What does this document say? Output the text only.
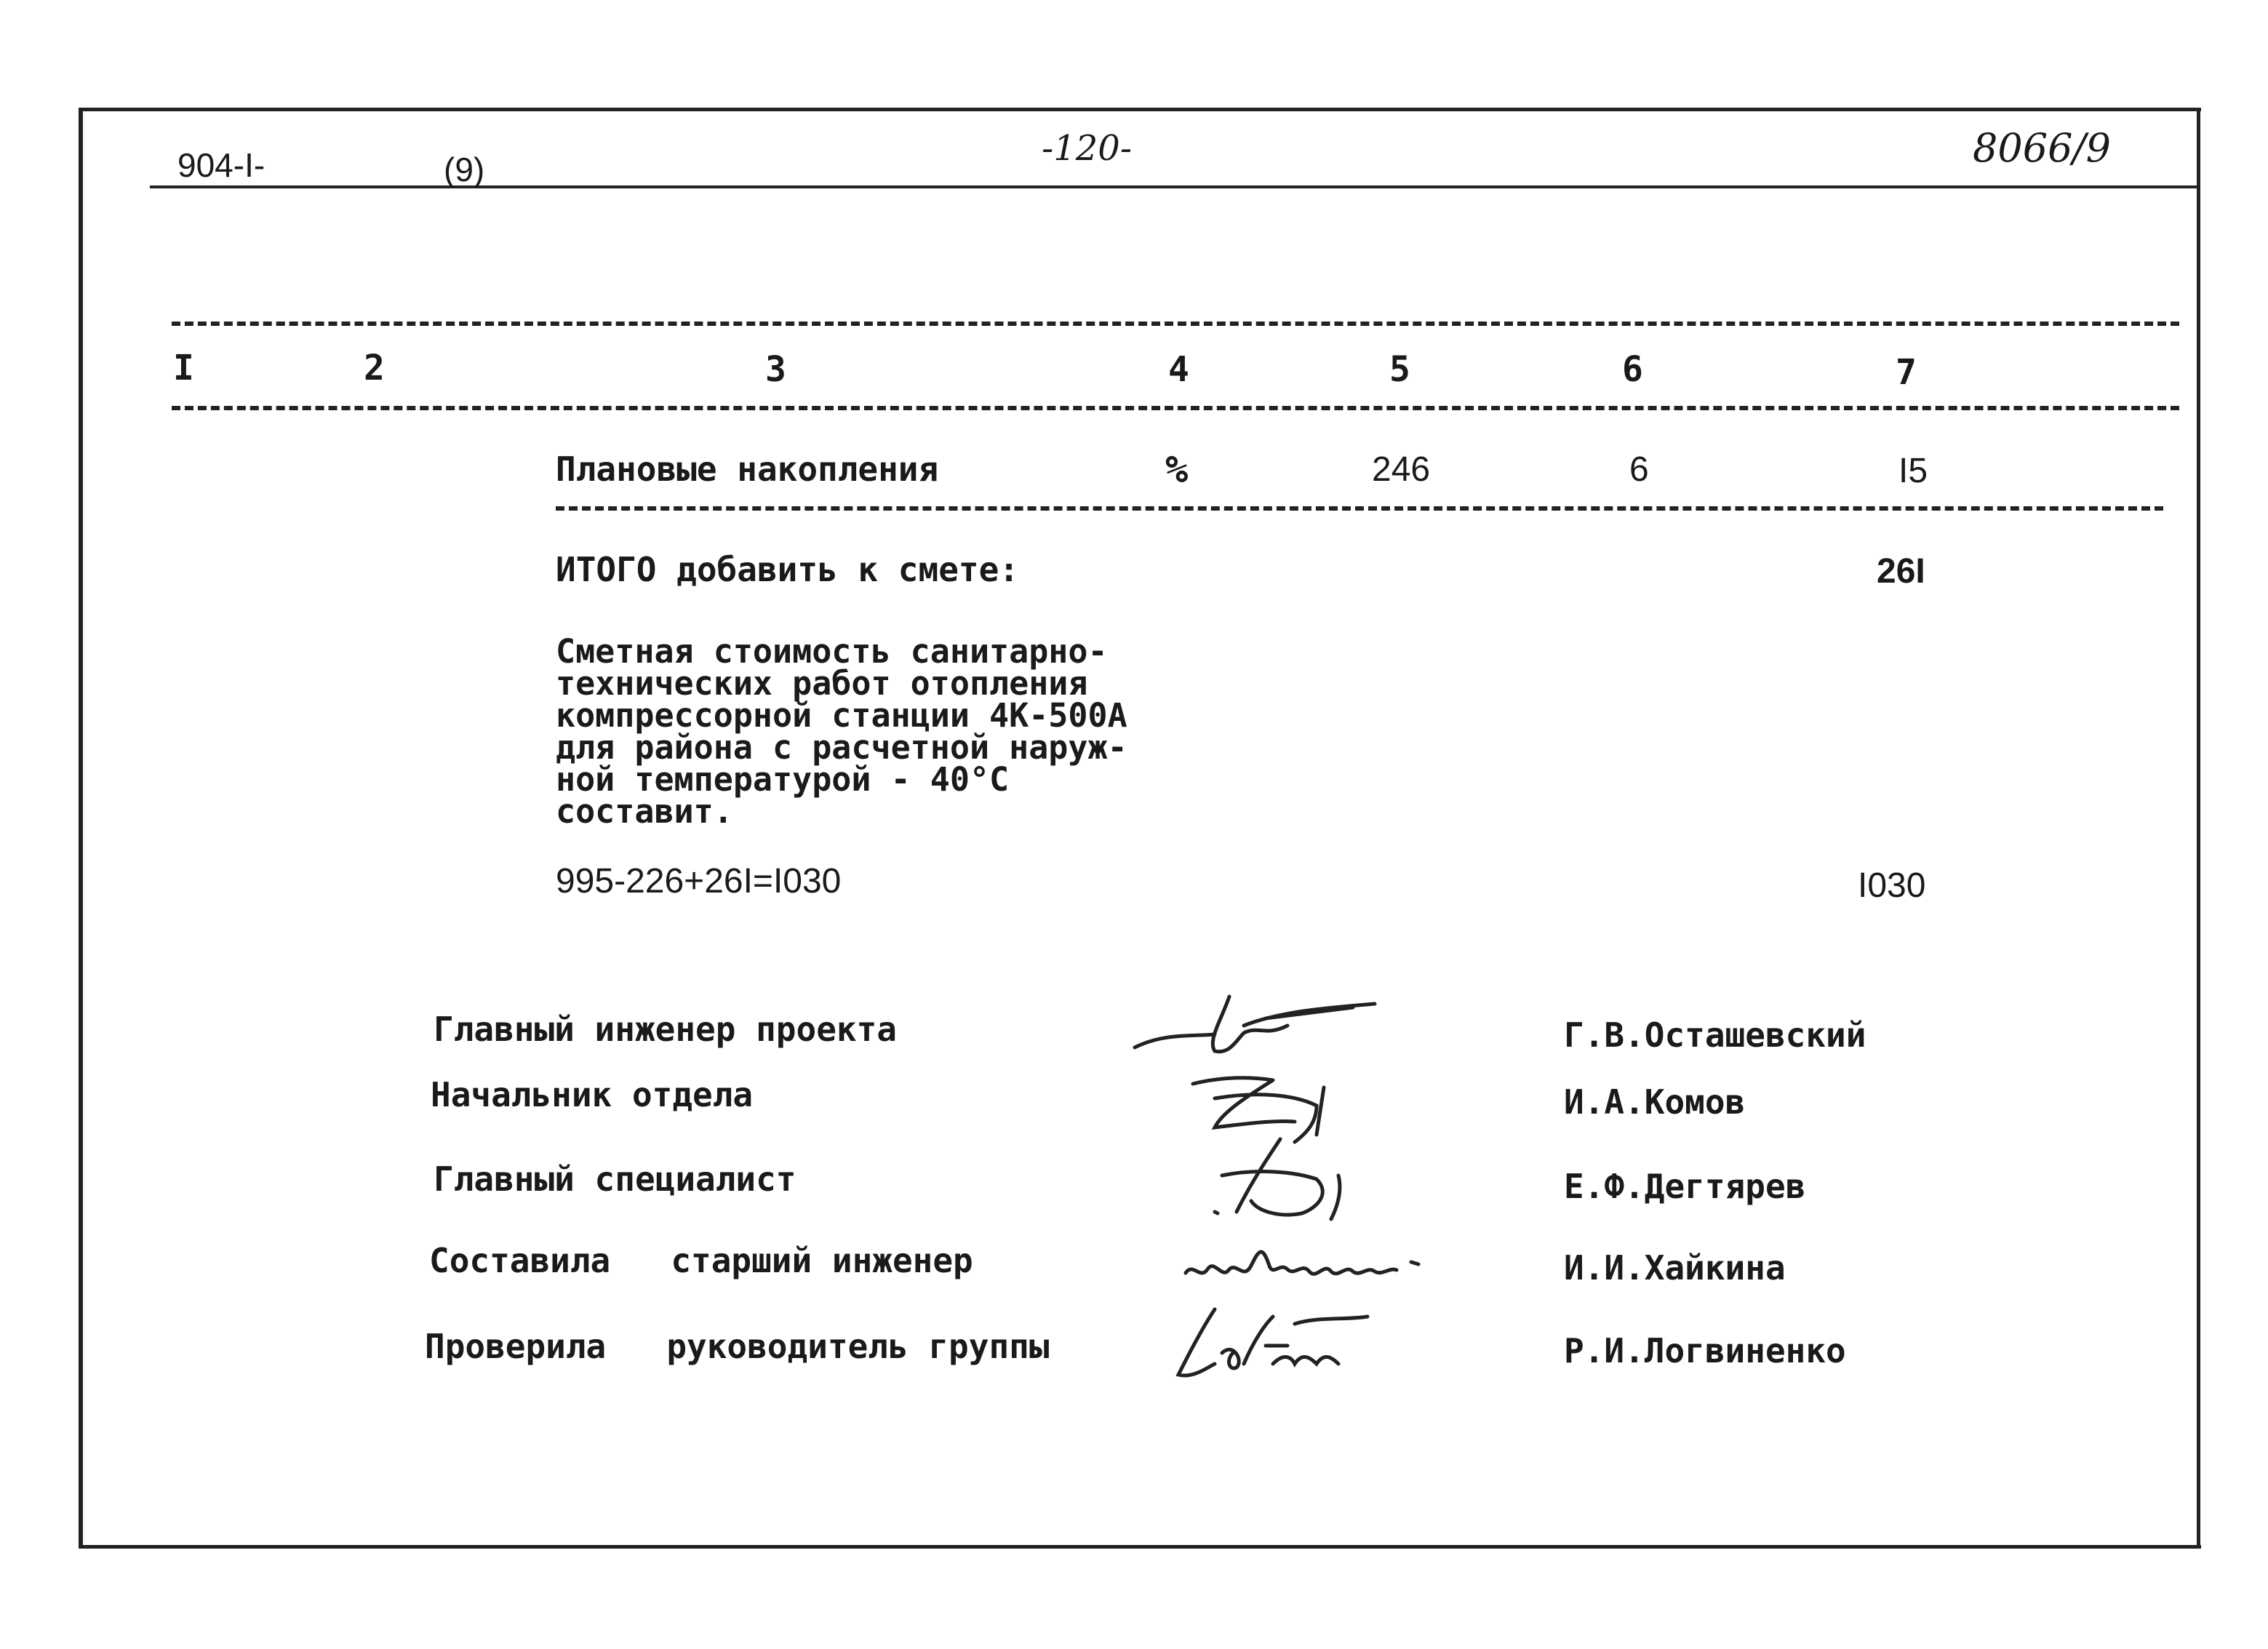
904-I-	(9)
-120-	8066/9
I	2	3	4	5	6	7
Плановые накопления	%	246	6	I5
ИТОГО добавить к смете:	26I
Сметная стоимость санитарно-
технических работ отопления
компрессорной станции 4К-500А
для района с расчетной наруж-
ной температурой - 40°С
составит.
995-226+26I=I030	I030
Главный инженер проекта	Г.В.Осташевский
Начальник отдела	И.А.Комов
Главный специалист	Е.Ф.Дегтярев
Составила   старший инженер	И.И.Хайкина
Проверила   руководитель группы	Р.И.Логвиненко
